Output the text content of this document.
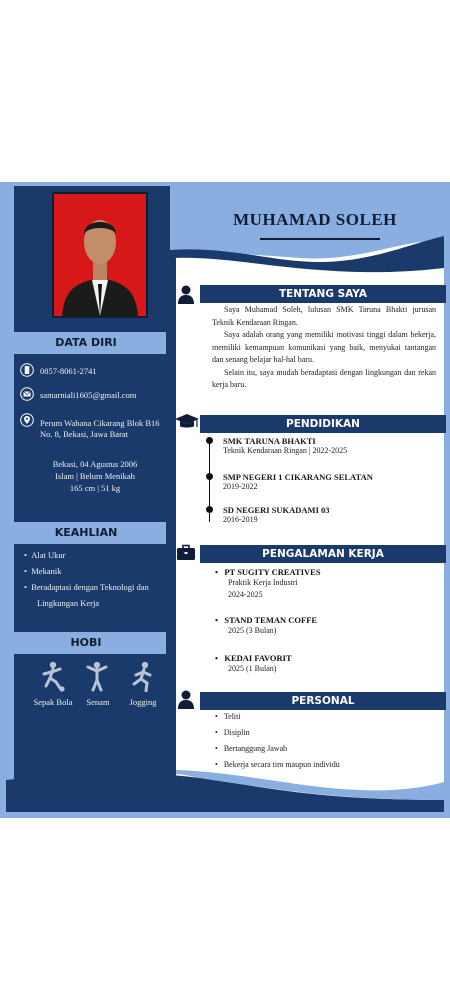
MUHAMAD SOLEH
DATA DIRI
0857-8061-2741
samarniali1605@gmail.com
Perum Wahana Cikarang Blok B16
No. 8, Bekasi, Jawa Barat
Bekasi, 04 Agustus 2006
Islam | Belum Menikah
165 cm | 51 kg
KEAHLIAN
•  Alat Ukur
•  Mekanik
•  Beradaptasi dengan Teknologi dan
Lingkungan Kerja
HOBI
Sepak Bola	Senam	Jogging
TENTANG SAYA
Saya Muhamad Soleh, lulusan SMK Taruna Bhakti jurusan Teknik Kendaraan Ringan.
Saya adalah orang yang memiliki motivasi tinggi dalam bekerja, memiliki kemampuan komunikasi yang baik, menyukai tantangan dan senang belajar hal-hal baru.
Selain itu, saya mudah beradaptasi dengan lingkungan dan rekan kerja baru.
PENDIDIKAN
SMK TARUNA BHAKTI
Teknik Kendaraan Ringan | 2022-2025
SMP NEGERI 1 CIKARANG SELATAN
2019-2022
SD NEGERI SUKADAMI 03
2016-2019
PENGALAMAN KERJA
•   PT SUGITY CREATIVES
Praktik Kerja Industri
2024-2025
•   STAND TEMAN COFFE
2025 (3 Bulan)
•   KEDAI FAVORIT
2025 (1 Bulan)
PERSONAL
•   Teliti
•   Disiplin
•   Bertanggung Jawab
•   Bekerja secara tim maupun individu
